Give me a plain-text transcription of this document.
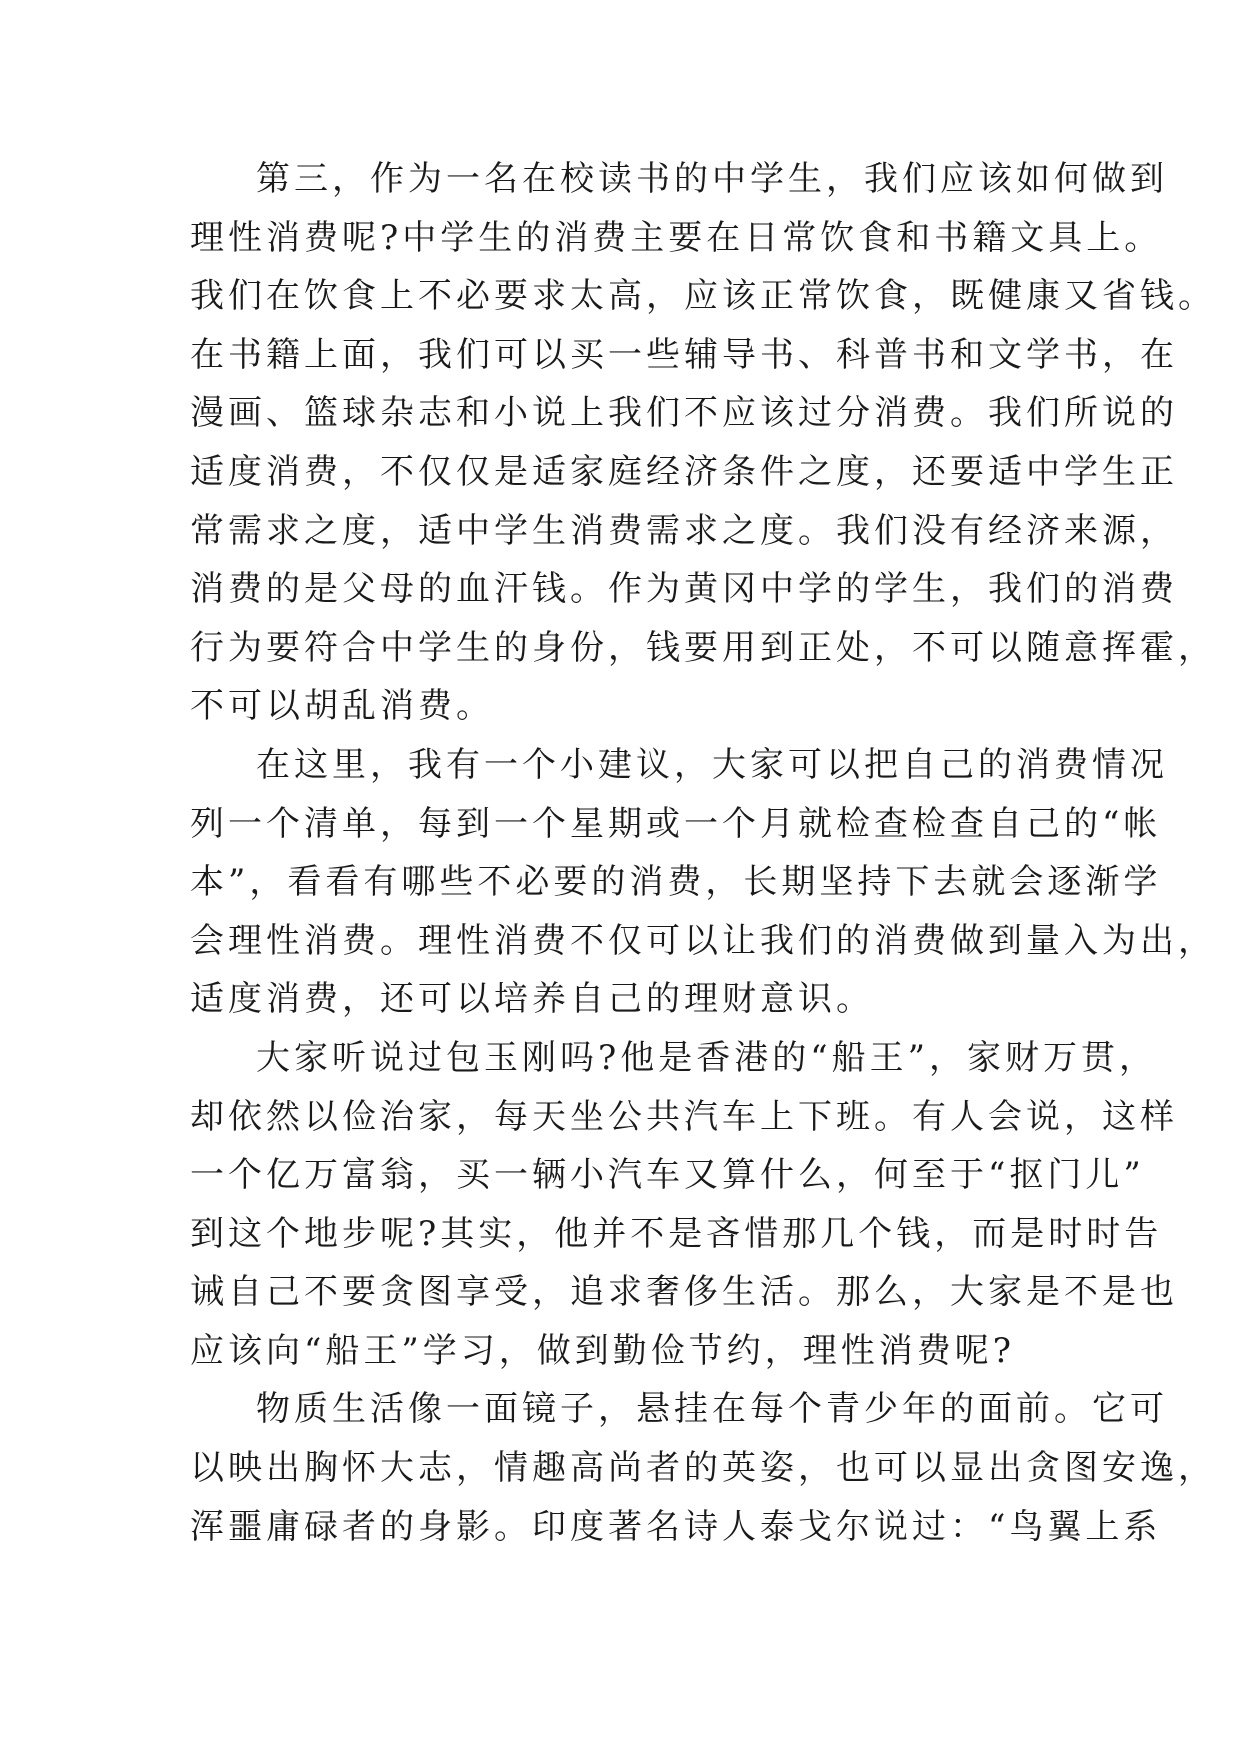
第三，作为一名在校读书的中学生，我们应该如何做到
理性消费呢?中学生的消费主要在日常饮食和书籍文具上。
我们在饮食上不必要求太高，应该正常饮食，既健康又省钱。
在书籍上面，我们可以买一些辅导书、科普书和文学书，在
漫画、篮球杂志和小说上我们不应该过分消费。我们所说的
适度消费，不仅仅是适家庭经济条件之度，还要适中学生正
常需求之度，适中学生消费需求之度。我们没有经济来源，
消费的是父母的血汗钱。作为黄冈中学的学生，我们的消费
行为要符合中学生的身份，钱要用到正处，不可以随意挥霍，
不可以胡乱消费。
在这里，我有一个小建议，大家可以把自己的消费情况
列一个清单，每到一个星期或一个月就检查检查自己的“帐
本”，看看有哪些不必要的消费，长期坚持下去就会逐渐学
会理性消费。理性消费不仅可以让我们的消费做到量入为出，
适度消费，还可以培养自己的理财意识。
大家听说过包玉刚吗?他是香港的“船王”，家财万贯，
却依然以俭治家，每天坐公共汽车上下班。有人会说，这样
一个亿万富翁，买一辆小汽车又算什么，何至于“抠门儿”
到这个地步呢?其实，他并不是吝惜那几个钱，而是时时告
诫自己不要贪图享受，追求奢侈生活。那么，大家是不是也
应该向“船王”学习，做到勤俭节约，理性消费呢?
物质生活像一面镜子，悬挂在每个青少年的面前。它可
以映出胸怀大志，情趣高尚者的英姿，也可以显出贪图安逸，
浑噩庸碌者的身影。印度著名诗人泰戈尔说过：“鸟翼上系
